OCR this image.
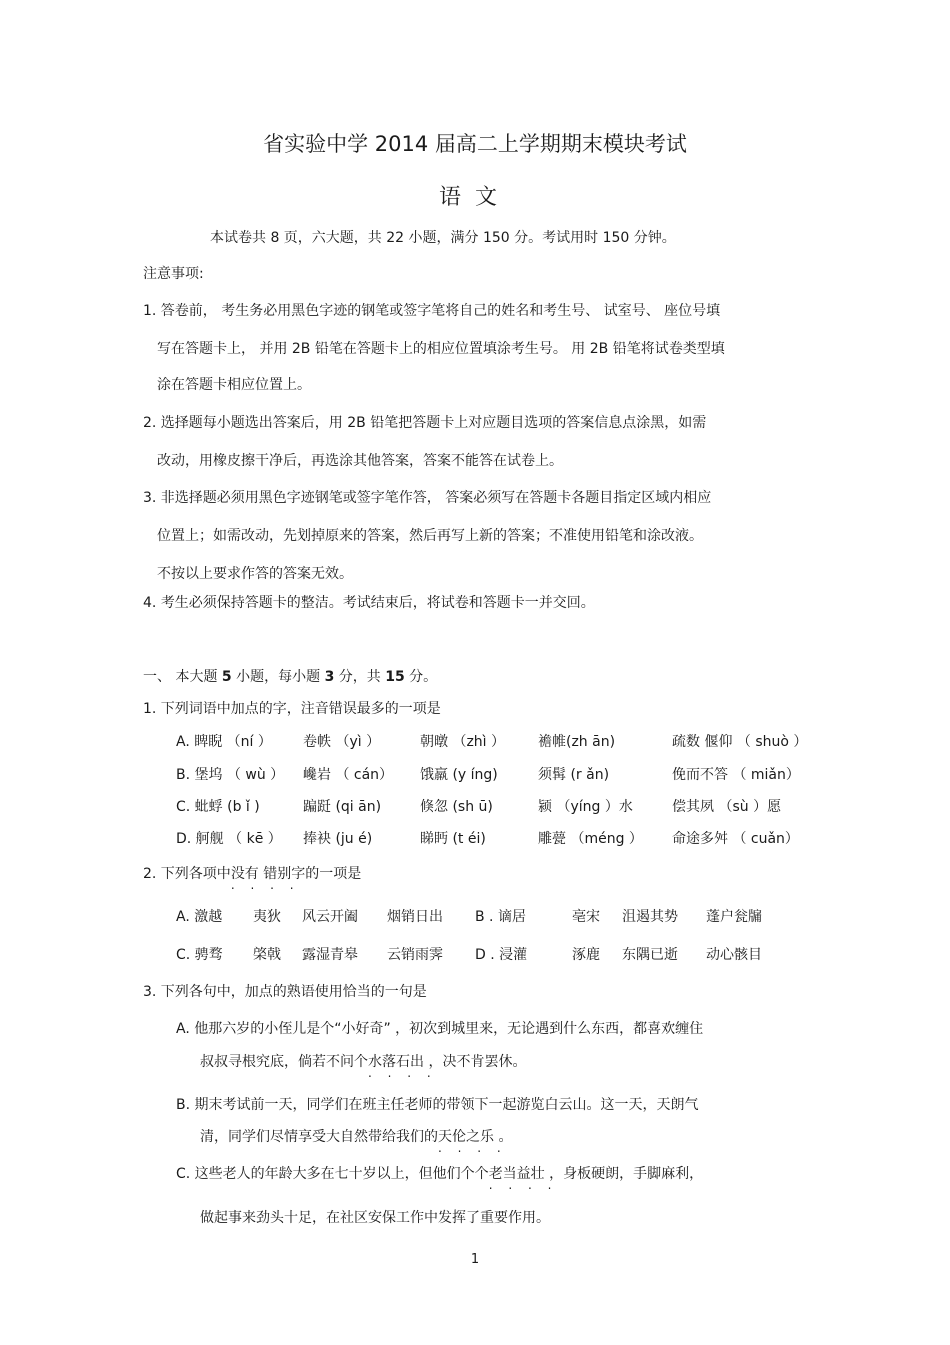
省实验中学 2014 届高二上学期期末模块考试
语文
本试卷共 8 页，六大题，共 22 小题，满分 150 分。考试用时 150 分钟。
注意事项:
1. 答卷前， 考生务必用黑色字迹的钢笔或签字笔将自己的姓名和考生号、 试室号、 座位号填
写在答题卡上， 并用 2B 铅笔在答题卡上的相应位置填涂考生号。 用 2B 铅笔将试卷类型填
涂在答题卡相应位置上。
2. 选择题每小题选出答案后，用 2B 铅笔把答题卡上对应题目选项的答案信息点涂黑，如需
改动，用橡皮擦干净后，再选涂其他答案，答案不能答在试卷上。
3. 非选择题必须用黑色字迹钢笔或签字笔作答， 答案必须写在答题卡各题目指定区域内相应
位置上；如需改动，先划掉原来的答案，然后再写上新的答案；不准使用铅笔和涂改液。
不按以上要求作答的答案无效。
4. 考生必须保持答题卡的整洁。考试结束后，将试卷和答题卡一并交回。
一、 本大题 5 小题，每小题 3 分，共 15 分。
1. 下列词语中加点的字，注音错误最多的一项是
A. 睥睨 （ní ） 卷帙 （yì ）	朝暾 （zhì ） 襜帷(zh ān)	疏数 偃仰 （ shuò ）
B. 堡坞 （ wù ） 巉岩 （ cán） 饿羸 (y íng)	须髯 (r ǎn)	俛而不答 （ miǎn）
C. 蚍蜉 (b ǐ )	蹁跹 (qi ān)	倏忽 (sh ū)	颍 （yíng ）水	偿其夙 （sù ）愿
D. 舸舰 （ kē ） 捧袂 (ju é)	睇眄 (t éi)	雕甍 （méng ） 命途多舛 （ cuǎn）
2. 下列各项中没有 . . . . 错别字的一项是
A. 激越 夷狄 风云开阖 烟销日出 B . 谪居	亳宋 沮遏其势 蓬户瓮牖
C. 骋骛 棨戟 露湿青皋 云销雨霁 D . 浸灌	涿鹿 东隅已逝 动心骸目
3. 下列各句中，加点的熟语使用恰当的一句是
A. 他那六岁的小侄儿是个“小好奇” ，初次到城里来，无论遇到什么东西，都喜欢缠住
叔叔寻根究底，倘若不问个水落石出 . . . . ，决不肯罢休。
B. 期末考试前一天，同学们在班主任老师的带领下一起游览白云山。这一天，天朗气
清，同学们尽情享受大自然带给我们的天伦之乐 . . . . 。
C. 这些老人的年龄大多在七十岁以上，但他们个个老当益壮 . . . . ，身板硬朗，手脚麻利，
做起事来劲头十足，在社区安保工作中发挥了重要作用。
1
